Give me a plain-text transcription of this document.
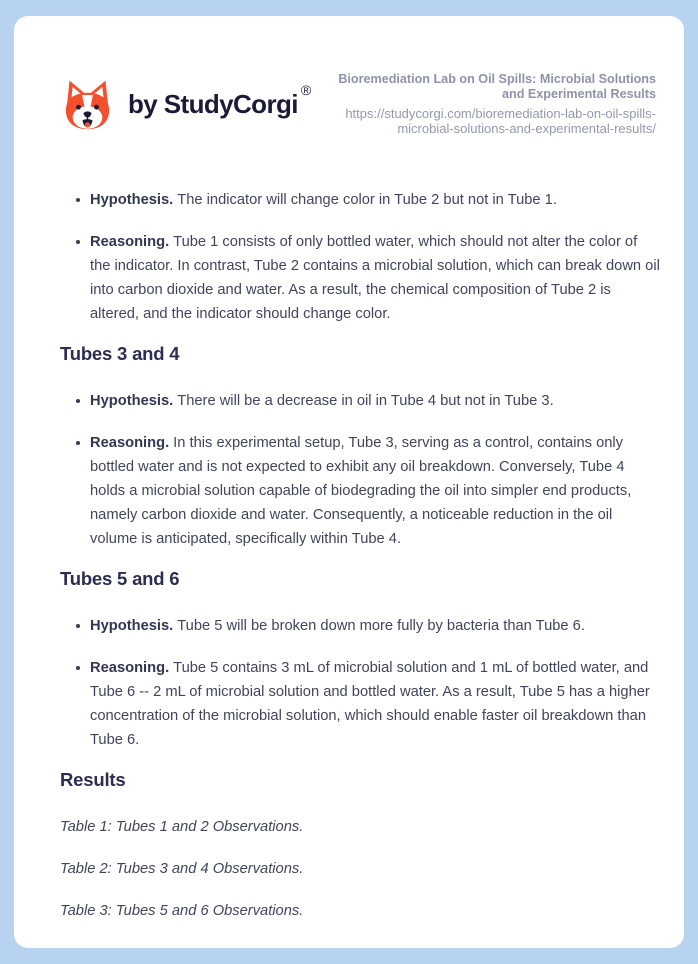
by StudyCorgi ®
Bioremediation Lab on Oil Spills: Microbial Solutions and Experimental Results
https://studycorgi.com/bioremediation-lab-on-oil-spills-microbial-solutions-and-experimental-results/
Hypothesis. The indicator will change color in Tube 2 but not in Tube 1.
Reasoning. Tube 1 consists of only bottled water, which should not alter the color of the indicator. In contrast, Tube 2 contains a microbial solution, which can break down oil into carbon dioxide and water. As a result, the chemical composition of Tube 2 is altered, and the indicator should change color.
Tubes 3 and 4
Hypothesis. There will be a decrease in oil in Tube 4 but not in Tube 3.
Reasoning. In this experimental setup, Tube 3, serving as a control, contains only bottled water and is not expected to exhibit any oil breakdown. Conversely, Tube 4 holds a microbial solution capable of biodegrading the oil into simpler end products, namely carbon dioxide and water. Consequently, a noticeable reduction in the oil volume is anticipated, specifically within Tube 4.
Tubes 5 and 6
Hypothesis. Tube 5 will be broken down more fully by bacteria than Tube 6.
Reasoning. Tube 5 contains 3 mL of microbial solution and 1 mL of bottled water, and Tube 6 -- 2 mL of microbial solution and bottled water. As a result, Tube 5 has a higher concentration of the microbial solution, which should enable faster oil breakdown than Tube 6.
Results

Table 1: Tubes 1 and 2 Observations.

Table 2: Tubes 3 and 4 Observations.

Table 3: Tubes 5 and 6 Observations.
